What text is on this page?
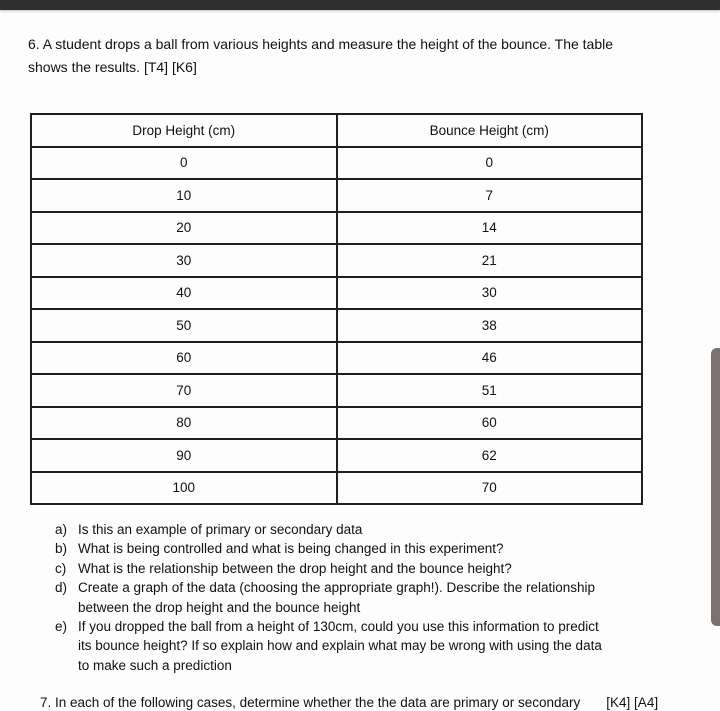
6. A student drops a ball from various heights and measure the height of the bounce. The table
shows the results. [T4] [K6]
Drop Height (cm)	Bounce Height (cm)
0	0
10	7
20	14
30	21
40	30
50	38
60	46
70	51
80	60
90	62
100	70
a) Is this an example of primary or secondary data
b) What is being controlled and what is being changed in this experiment?
c) What is the relationship between the drop height and the bounce height?
d) Create a graph of the data (choosing the appropriate graph!). Describe the relationship
between the drop height and the bounce height
e) If you dropped the ball from a height of 130cm, could you use this information to predict
its bounce height? If so explain how and explain what may be wrong with using the data
to make such a prediction
7. In each of the following cases, determine whether the the data are primary or secondary [K4] [A4]
